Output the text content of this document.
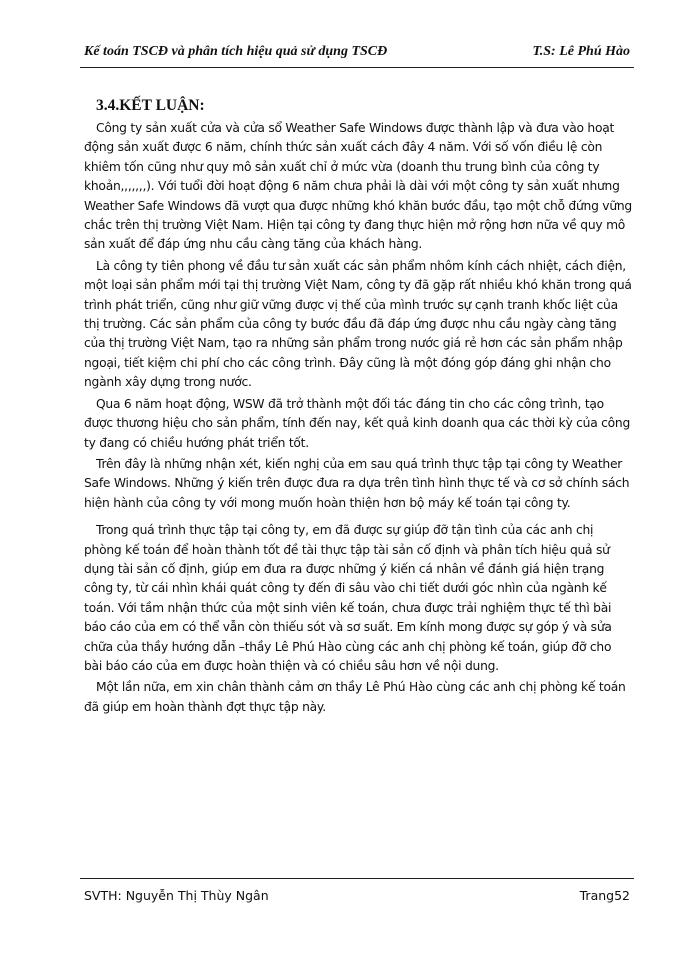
Kế toán TSCĐ và phân tích hiệu quả sử dụng TSCĐ	T.S: Lê Phú Hào
3.4.KẾT LUẬN:

Công ty sản xuất cửa và cửa sổ Weather Safe Windows được thành lập và đưa vào hoạt động sản xuất được 6 năm, chính thức sản xuất cách đây 4 năm. Với số vốn điều lệ còn khiêm tốn cũng như quy mô sản xuất chỉ ở mức vừa (doanh thu trung bình của công ty khoản,,,,,,,). Với tuổi đời hoạt động 6 năm chưa phải là dài với một công ty sản xuất nhưng Weather Safe Windows đã vượt qua được những khó khăn bước đầu, tạo một chỗ đứng vững chắc trên thị trường Việt Nam. Hiện tại công ty đang thực hiện mở rộng hơn nữa về quy mô sản xuất để đáp ứng nhu cầu càng tăng của khách hàng.

Là công ty tiên phong về đầu tư sản xuất các sản phẩm nhôm kính cách nhiệt, cách điện, một loại sản phẩm mới tại thị trường Việt Nam, công ty đã gặp rất nhiều khó khăn trong quá trình phát triển, cũng như giữ vững được vị thế của mình trước sự cạnh tranh khốc liệt của thị trường. Các sản phẩm của công ty bước đầu đã đáp ứng được nhu cầu ngày càng tăng của thị trường Việt Nam, tạo ra những sản phẩm trong nước giá rẻ hơn các sản phẩm nhập ngoại, tiết kiệm chi phí cho các công trình. Đây cũng là một đóng góp đáng ghi nhận cho ngành xây dựng trong nước.

Qua 6 năm hoạt động, WSW đã trở thành một đối tác đáng tin cho các công trình, tạo được thương hiệu cho sản phẩm, tính đến nay, kết quả kinh doanh qua các thời kỳ của công ty đang có chiều hướng phát triển tốt.

Trên đây là những nhận xét, kiến nghị của em sau quá trình thực tập tại công ty Weather Safe Windows. Những ý kiến trên được đưa ra dựa trên tình hình thực tế và cơ sở chính sách hiện hành của công ty với mong muốn hoàn thiện hơn bộ máy kế toán tại công ty.

Trong quá trình thực tập tại công ty, em đã được sự giúp đỡ tận tình của các anh chị phòng kế toán để hoàn thành tốt đề tài thực tập tài sản cố định và phân tích hiệu quả sử dụng tài sản cố định, giúp em đưa ra được những ý kiến cá nhân về đánh giá hiện trạng công ty, từ cái nhìn khái quát công ty đến đi sâu vào chi tiết dưới góc nhìn của ngành kế toán. Với tầm nhận thức của một sinh viên kế toán, chưa được trải nghiệm thực tế thì bài báo cáo của em có thể vẫn còn thiếu sót và sơ suất. Em kính mong được sự góp ý và sửa chữa của thầy hướng dẫn –thầy Lê Phú Hào cùng các anh chị phòng kế toán, giúp đỡ cho bài báo cáo của em được hoàn thiện và có chiều sâu hơn về nội dung.

Một lần nữa, em xin chân thành cảm ơn thầy Lê Phú Hào cùng các anh chị phòng kế toán đã giúp em hoàn thành đợt thực tập này.

SVTH: Nguyễn Thị Thùy Ngân	Trang52
